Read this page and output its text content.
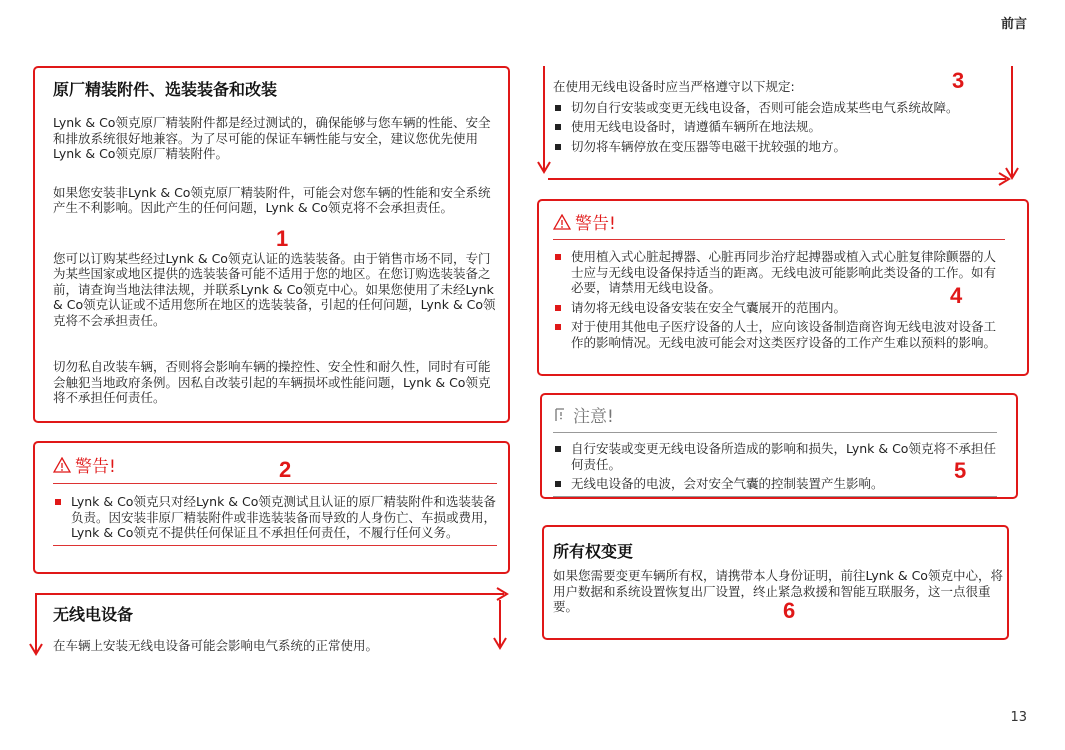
前言
13
1
原厂精装附件、选装装备和改装

Lynk & Co领克原厂精装附件都是经过测试的，确保能够与您车辆的性能、安全和排放系统很好地兼容。为了尽可能的保证车辆性能与安全，建议您优先使用Lynk & Co领克原厂精装附件。

如果您安装非Lynk & Co领克原厂精装附件，可能会对您车辆的性能和安全系统产生不利影响。因此产生的任何问题，Lynk & Co领克将不会承担责任。

您可以订购某些经过Lynk & Co领克认证的选装装备。由于销售市场不同，专门为某些国家或地区提供的选装装备可能不适用于您的地区。在您订购选装装备之前，请查询当地法律法规，并联系Lynk & Co领克中心。如果您使用了未经Lynk & Co领克认证或不适用您所在地区的选装装备，引起的任何问题，Lynk & Co领克将不会承担责任。

切勿私自改装车辆，否则将会影响车辆的操控性、安全性和耐久性，同时有可能会触犯当地政府条例。因私自改装引起的车辆损坏或性能问题，Lynk & Co领克将不承担任何责任。

2
警告!
Lynk & Co领克只对经Lynk & Co领克测试且认证的原厂精装附件和选装装备负责。因安装非原厂精装附件或非选装装备而导致的人身伤亡、车损或费用，Lynk & Co领克不提供任何保证且不承担任何责任，不履行任何义务。
无线电设备

在车辆上安装无线电设备可能会影响电气系统的正常使用。

3

在使用无线电设备时应当严格遵守以下规定:

切勿自行安装或变更无线电设备，否则可能会造成某些电气系统故障。
使用无线电设备时，请遵循车辆所在地法规。
切勿将车辆停放在变压器等电磁干扰较强的地方。
4
警告!
使用植入式心脏起搏器、心脏再同步治疗起搏器或植入式心脏复律除颤器的人士应与无线电设备保持适当的距离。无线电波可能影响此类设备的工作。如有必要，请禁用无线电设备。
请勿将无线电设备安装在安全气囊展开的范围内。
对于使用其他电子医疗设备的人士，应向该设备制造商咨询无线电波对设备工作的影响情况。无线电波可能会对这类医疗设备的工作产生难以预料的影响。
5
注意!
自行安装或变更无线电设备所造成的影响和损失，Lynk & Co领克将不承担任何责任。
无线电设备的电波，会对安全气囊的控制装置产生影响。
6
所有权变更

如果您需要变更车辆所有权，请携带本人身份证明，前往Lynk & Co领克中心，将用户数据和系统设置恢复出厂设置，终止紧急救援和智能互联服务，这一点很重要。
